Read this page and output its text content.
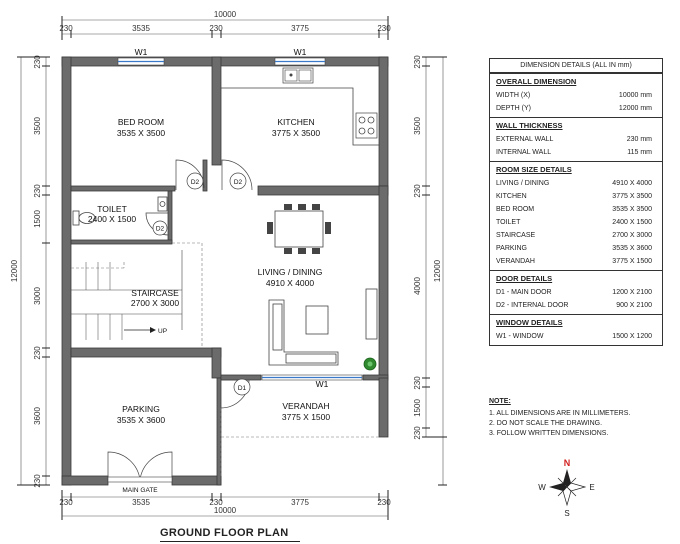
10000
230	3535	230	3775	230
230	3535	230	3775	230
10000
12000
230
3500
230
1500
3000
230
3600
230
230
3500
230
4000
230
1500
230
12000
W1	W1
W1
D2	D2
D2
D1
MAIN GATE
UP
BED ROOM
3535 X 3500
KITCHEN
3775 X 3500
TOILET
2400 X 1500
STAIRCASE
2700 X 3000
LIVING / DINING
4910 X 4000
PARKING
3535 X 3600
VERANDAH
3775 X 1500
N
S
E
W
DIMENSION DETAILS (ALL IN mm)
OVERALL DIMENSION
WIDTH (X)	10000 mm
DEPTH (Y)	12000 mm
WALL THICKNESS
EXTERNAL WALL	230 mm
INTERNAL WALL	115 mm
ROOM SIZE DETAILS
LIVING / DINING	4910 X 4000
KITCHEN	3775 X 3500
BED ROOM	3535 X 3500
TOILET	2400 X 1500
STAIRCASE	2700 X 3000
PARKING	3535 X 3600
VERANDAH	3775 X 1500
DOOR DETAILS
D1 - MAIN DOOR	1200 X 2100
D2 - INTERNAL DOOR	900 X 2100
WINDOW DETAILS
W1 - WINDOW	1500 X 1200
NOTE:
1. ALL DIMENSIONS ARE IN MILLIMETERS.
2. DO NOT SCALE THE DRAWING.
3. FOLLOW WRITTEN DIMENSIONS.
GROUND FLOOR PLAN
